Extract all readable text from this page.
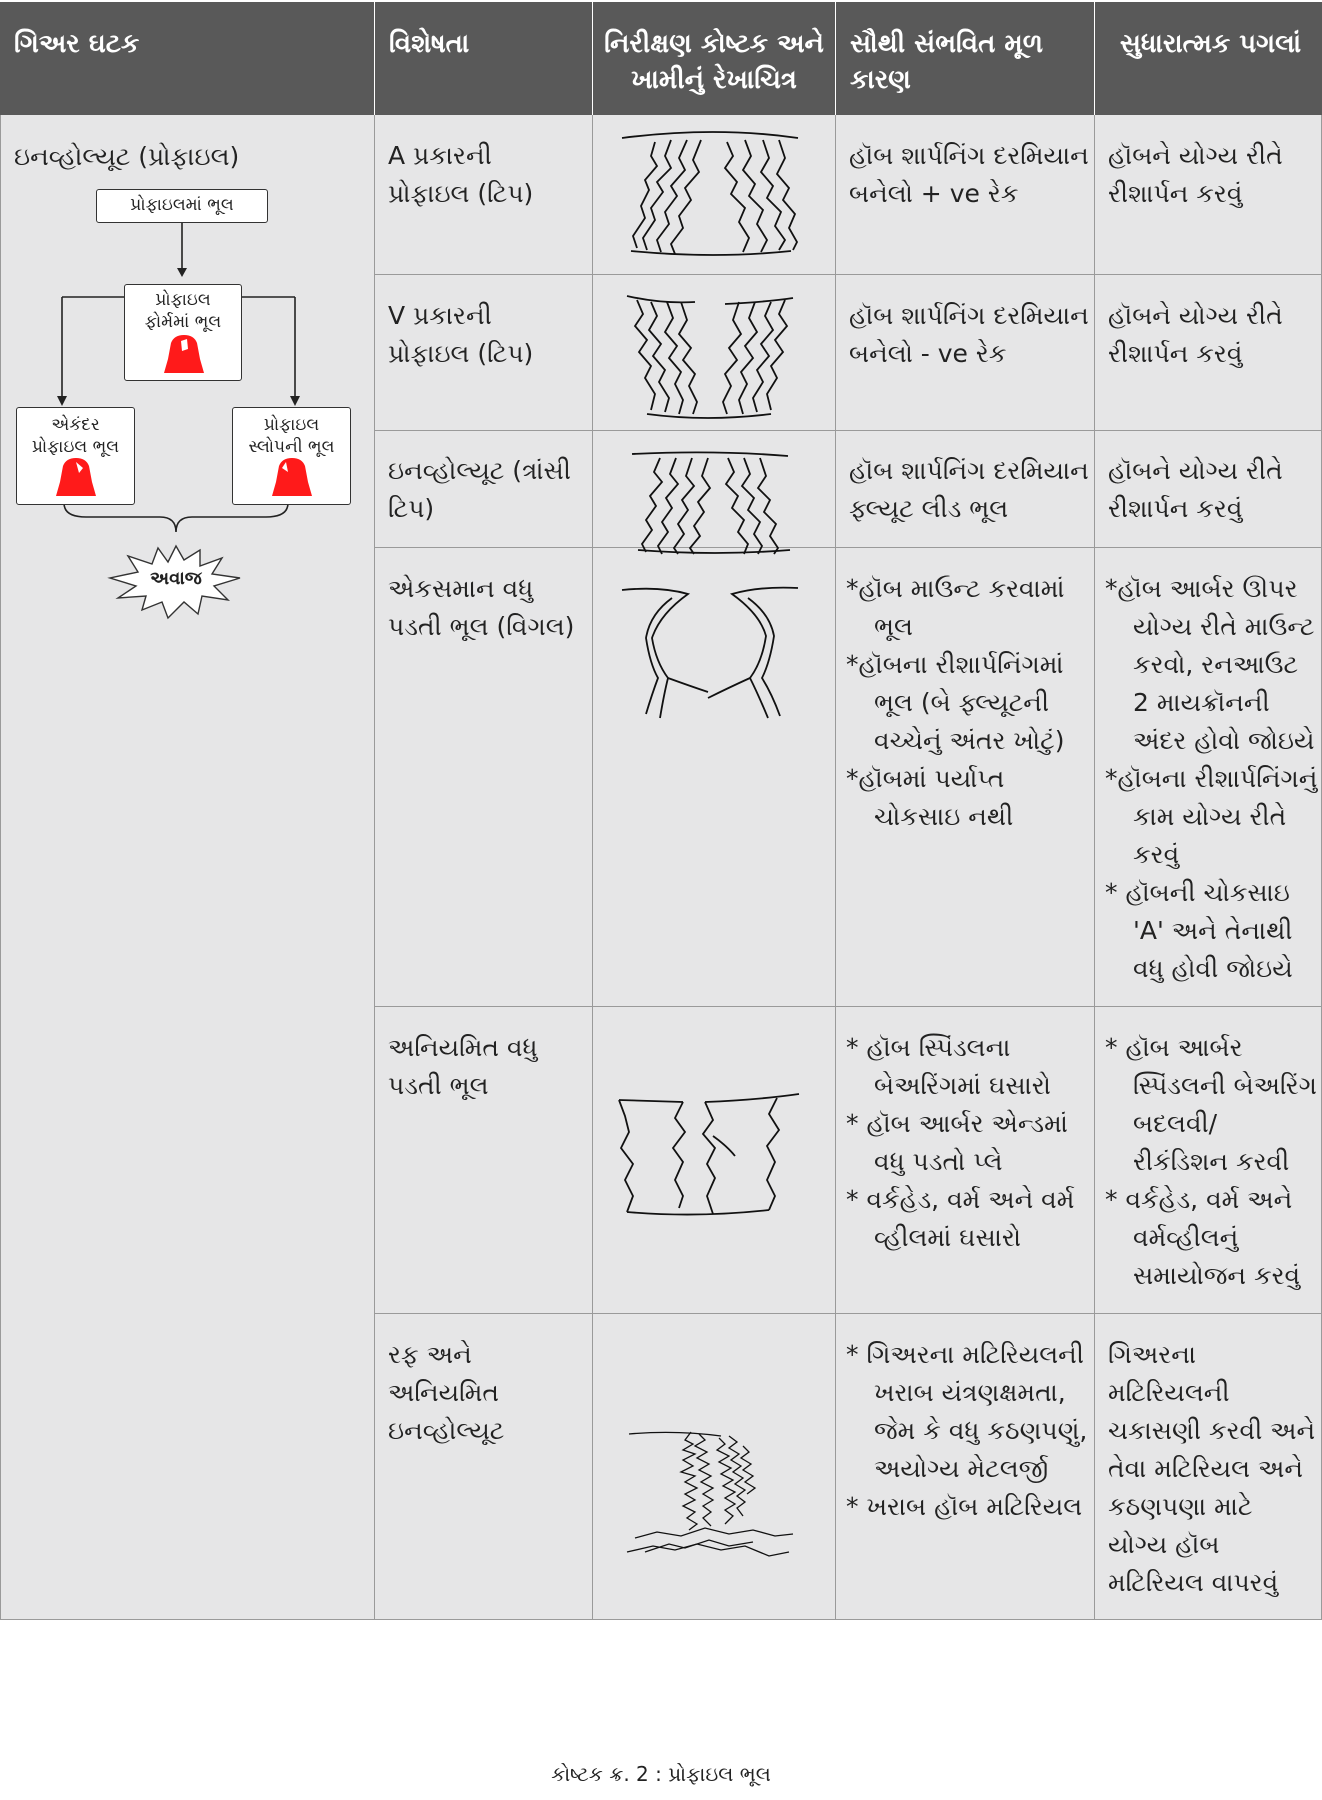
ગિઅર ઘટક	વિશેષતા	નિરીક્ષણ કોષ્ટક અને ખામીનું રેખાચિત્ર
સૌથી સંભવિત મૂળ કારણ
સુધારાત્મક પગલાં
ઇનવ્હોલ્યૂટ (પ્રોફાઇલ)
પ્રોફાઇલમાં ભૂલ
પ્રોફાઇલ ફોર્મમાં ભૂલ
એકંદર પ્રોફાઇલ ભૂલ
પ્રોફાઇલ સ્લોપની ભૂલ
અવાજ
A પ્રકારની પ્રોફાઇલ (ટિપ)
હૉબ શાર્પનિંગ દરમિયાન બનેલો + ve રેક
હૉબને યોગ્ય રીતે રીશાર્પન કરવું
V પ્રકારની પ્રોફાઇલ (ટિપ)
હૉબ શાર્પનિંગ દરમિયાન બનેલો - ve રેક
હૉબને યોગ્ય રીતે રીશાર્પન કરવું
ઇનવ્હોલ્યૂટ (ત્રાંસી ટિપ)
હૉબ શાર્પનિંગ દરમિયાન ફ્લ્યૂટ લીડ ભૂલ
હૉબને યોગ્ય રીતે રીશાર્પન કરવું
એકસમાન વધુ પડતી ભૂલ (વિગલ)
*હૉબ માઉન્ટ કરવામાં ભૂલ
*હૉબના રીશાર્પનિંગમાં ભૂલ (બે ફ્લ્યૂટની વચ્ચેનું અંતર ખોટું)
*હૉબમાં પર્યાપ્ત ચોકસાઇ નથી
*હૉબ આર્બર ઊપર યોગ્ય રીતે માઉન્ટ કરવો, રનઆઉટ 2 માયક્રૉનની અંદર હોવો જોઇયે
*હૉબના રીશાર્પનિંગનું કામ યોગ્ય રીતે કરવું
* હૉબની ચોકસાઇ 'A' અને તેનાથી વધુ હોવી જોઇયે
અનિયમિત વધુ પડતી ભૂલ
* હૉબ સ્પિંડલના બેઅરિંગમાં ઘસારો
* હૉબ આર્બર એન્ડમાં વધુ પડતો પ્લે
* વર્કહેડ, વર્મ અને વર્મ વ્હીલમાં ઘસારો
* હૉબ આર્બર સ્પિંડલની બેઅરિંગ બદલવી/ રીકંડિશન કરવી
* વર્કહેડ, વર્મ અને વર્મવ્હીલનું સમાયોજન કરવું
રફ અને અનિયમિત ઇનવ્હોલ્યૂટ
* ગિઅરના મટિરિયલની ખરાબ યંત્રણક્ષમતા, જેમ કે વધુ કઠણપણું, અયોગ્ય મેટલર્જી
* ખરાબ હૉબ મટિરિયલ
ગિઅરના મટિરિયલની ચકાસણી કરવી અને તેવા મટિરિયલ અને કઠણપણા માટે યોગ્ય હૉબ મટિરિયલ વાપરવું
કોષ્ટક ક્ર. 2 : પ્રોફાઇલ ભૂલ
